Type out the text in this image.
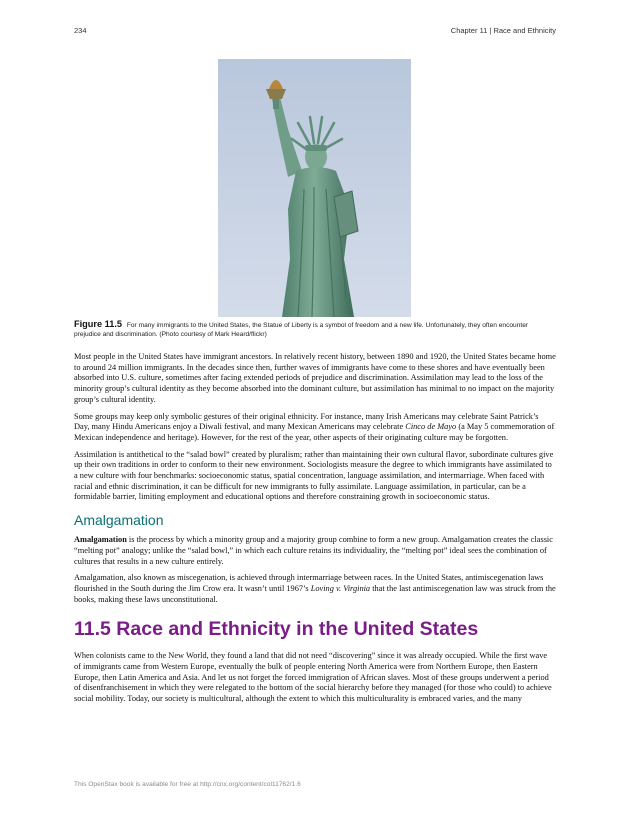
234	Chapter 11 | Race and Ethnicity
Figure 11.5 For many immigrants to the United States, the Statue of Liberty is a symbol of freedom and a new life. Unfortunately, they often encounter prejudice and discrimination. (Photo courtesy of Mark Heard/flickr)

Most people in the United States have immigrant ancestors. In relatively recent history, between 1890 and 1920, the United States became home to around 24 million immigrants. In the decades since then, further waves of immigrants have come to these shores and have eventually been absorbed into U.S. culture, sometimes after facing extended periods of prejudice and discrimination. Assimilation may lead to the loss of the minority group’s cultural identity as they become absorbed into the dominant culture, but assimilation has minimal to no impact on the majority group’s cultural identity.

Some groups may keep only symbolic gestures of their original ethnicity. For instance, many Irish Americans may celebrate Saint Patrick’s Day, many Hindu Americans enjoy a Diwali festival, and many Mexican Americans may celebrate Cinco de Mayo (a May 5 commemoration of Mexican independence and heritage). However, for the rest of the year, other aspects of their originating culture may be forgotten.

Assimilation is antithetical to the “salad bowl” created by pluralism; rather than maintaining their own cultural flavor, subordinate cultures give up their own traditions in order to conform to their new environment. Sociologists measure the degree to which immigrants have assimilated to a new culture with four benchmarks: socioeconomic status, spatial concentration, language assimilation, and intermarriage. When faced with racial and ethnic discrimination, it can be difficult for new immigrants to fully assimilate. Language assimilation, in particular, can be a formidable barrier, limiting employment and educational options and therefore constraining growth in socioeconomic status.

Amalgamation

Amalgamation is the process by which a minority group and a majority group combine to form a new group. Amalgamation creates the classic “melting pot” analogy; unlike the “salad bowl,” in which each culture retains its individuality, the “melting pot” ideal sees the combination of cultures that results in a new culture entirely.

Amalgamation, also known as miscegenation, is achieved through intermarriage between races. In the United States, antimiscegenation laws flourished in the South during the Jim Crow era. It wasn’t until 1967’s Loving v. Virginia that the last antimiscegenation law was struck from the books, making these laws unconstitutional.

11.5 Race and Ethnicity in the United States

When colonists came to the New World, they found a land that did not need “discovering” since it was already occupied. While the first wave of immigrants came from Western Europe, eventually the bulk of people entering North America were from Northern Europe, then Eastern Europe, then Latin America and Asia. And let us not forget the forced immigration of African slaves. Most of these groups underwent a period of disenfranchisement in which they were relegated to the bottom of the social hierarchy before they managed (for those who could) to achieve social mobility. Today, our society is multicultural, although the extent to which this multiculturality is embraced varies, and the many

This OpenStax book is available for free at http://cnx.org/content/col11762/1.6
